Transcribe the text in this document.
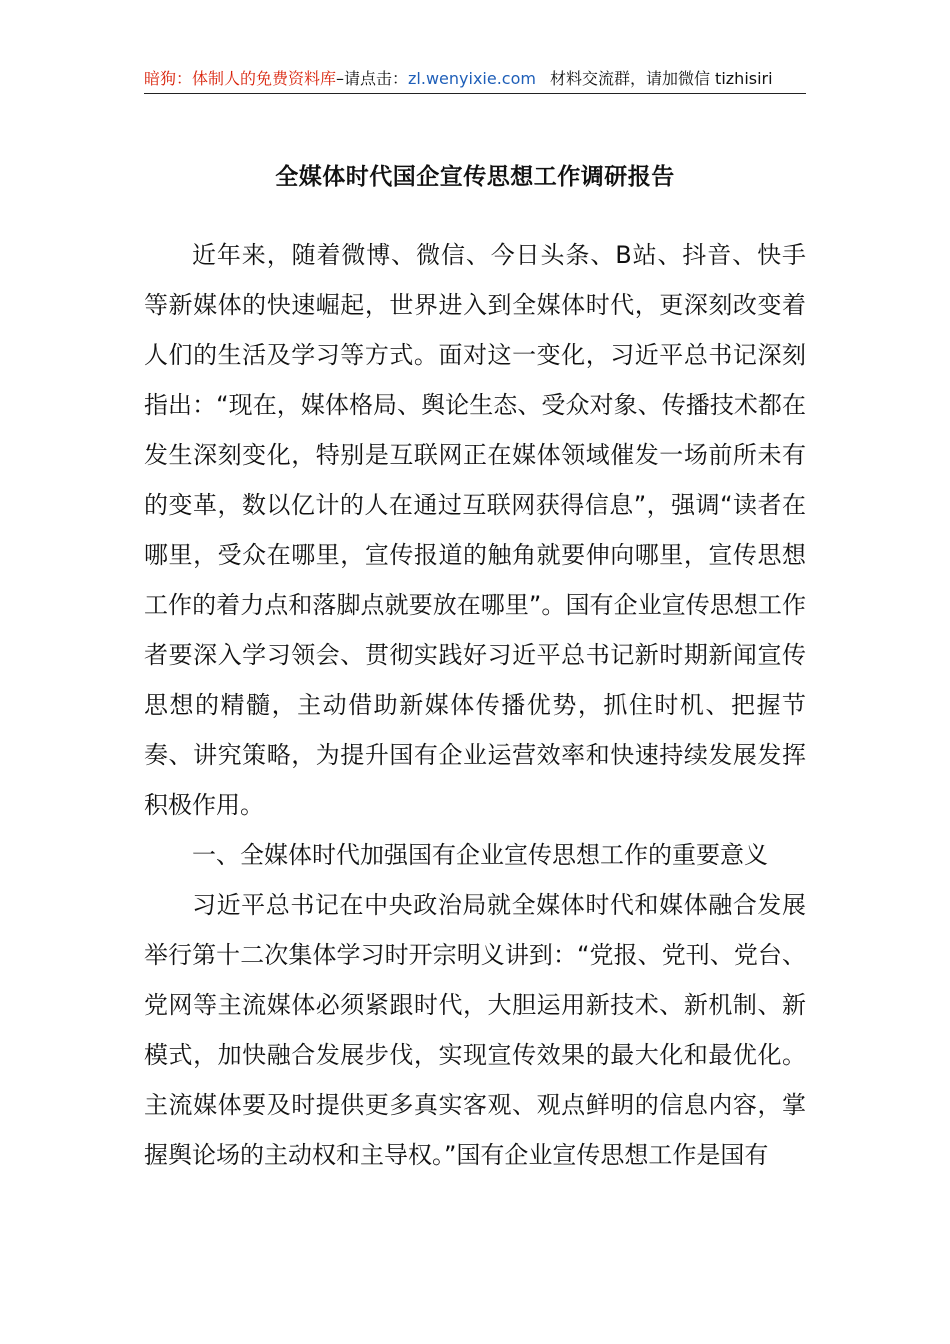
暗狗：体制人的免费资料库–请点击：zl.wenyixie.com 材料交流群，请加微信 tizhisiri
全媒体时代国企宣传思想工作调研报告

近年来，随着微博、微信、今日头条、B站、抖音、快手等新媒体的快速崛起，世界进入到全媒体时代，更深刻改变着人们的生活及学习等方式。面对这一变化，习近平总书记深刻指出：“现在，媒体格局、舆论生态、受众对象、传播技术都在发生深刻变化，特别是互联网正在媒体领域催发一场前所未有的变革，数以亿计的人在通过互联网获得信息”，强调“读者在哪里，受众在哪里，宣传报道的触角就要伸向哪里，宣传思想工作的着力点和落脚点就要放在哪里”。国有企业宣传思想工作者要深入学习领会、贯彻实践好习近平总书记新时期新闻宣传思想的精髓，主动借助新媒体传播优势，抓住时机、把握节奏、讲究策略，为提升国有企业运营效率和快速持续发展发挥积极作用。

一、全媒体时代加强国有企业宣传思想工作的重要意义

习近平总书记在中央政治局就全媒体时代和媒体融合发展举行第十二次集体学习时开宗明义讲到：“党报、党刊、党台、党网等主流媒体必须紧跟时代，大胆运用新技术、新机制、新模式，加快融合发展步伐，实现宣传效果的最大化和最优化。主流媒体要及时提供更多真实客观、观点鲜明的信息内容，掌握舆论场的主动权和主导权。”国有企业宣传思想工作是国有
